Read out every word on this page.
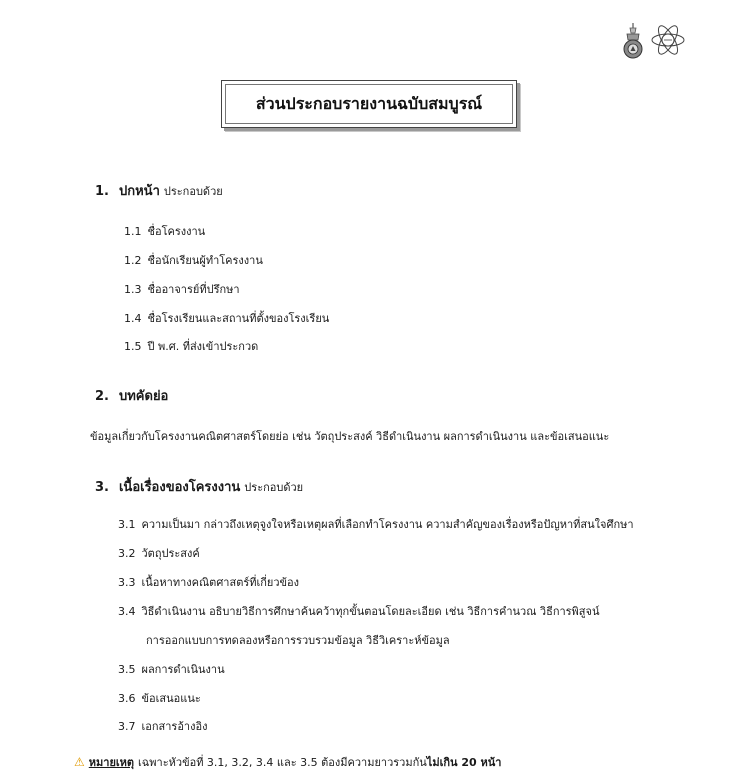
ส่วนประกอบรายงานฉบับสมบูรณ์
1. ปกหน้า ประกอบด้วย
1.1 ชื่อโครงงาน
1.2 ชื่อนักเรียนผู้ทำโครงงาน
1.3 ชื่ออาจารย์ที่ปรึกษา
1.4 ชื่อโรงเรียนและสถานที่ตั้งของโรงเรียน
1.5 ปี พ.ศ. ที่ส่งเข้าประกวด
2. บทคัดย่อ
ข้อมูลเกี่ยวกับโครงงานคณิตศาสตร์โดยย่อ เช่น วัตถุประสงค์ วิธีดำเนินงาน ผลการดำเนินงาน และข้อเสนอแนะ
3. เนื้อเรื่องของโครงงาน ประกอบด้วย
3.1 ความเป็นมา กล่าวถึงเหตุจูงใจหรือเหตุผลที่เลือกทำโครงงาน ความสำคัญของเรื่องหรือปัญหาที่สนใจศึกษา
3.2 วัตถุประสงค์
3.3 เนื้อหาทางคณิตศาสตร์ที่เกี่ยวข้อง
3.4 วิธีดำเนินงาน อธิบายวิธีการศึกษาค้นคว้าทุกขั้นตอนโดยละเอียด เช่น วิธีการคำนวณ วิธีการพิสูจน์
การออกแบบการทดลองหรือการรวบรวมข้อมูล วิธีวิเคราะห์ข้อมูล
3.5 ผลการดำเนินงาน
3.6 ข้อเสนอแนะ
3.7 เอกสารอ้างอิง
⚠ หมายเหตุ เฉพาะหัวข้อที่ 3.1, 3.2, 3.4 และ 3.5 ต้องมีความยาวรวมกัน ไม่เกิน 20 หน้า
